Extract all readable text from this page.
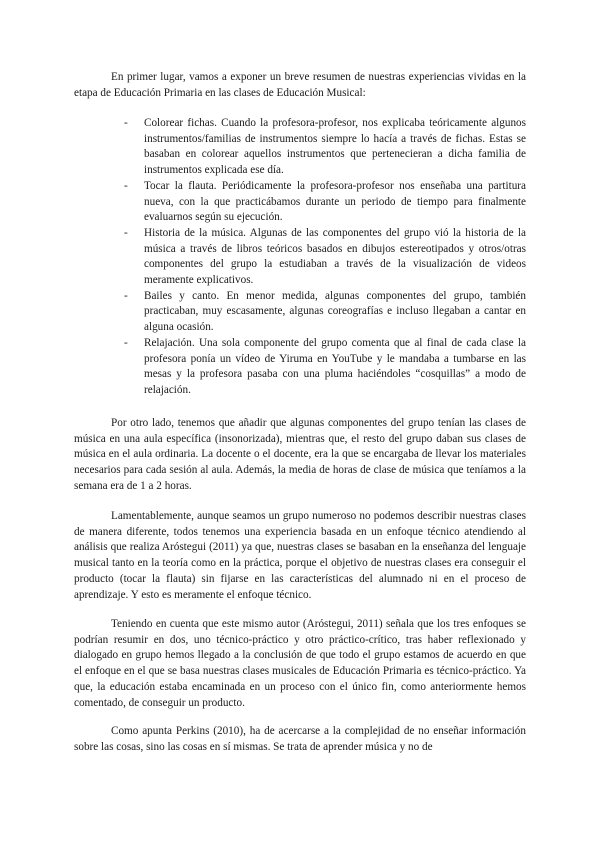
En primer lugar, vamos a exponer un breve resumen de nuestras experiencias vividas en la etapa de Educación Primaria en las clases de Educación Musical:

- Colorear fichas. Cuando la profesora-profesor, nos explicaba teóricamente algunos instrumentos/familias de instrumentos siempre lo hacía a través de fichas. Estas se basaban en colorear aquellos instrumentos que pertenecieran a dicha familia de instrumentos explicada ese día.
- Tocar la flauta. Periódicamente la profesora-profesor nos enseñaba una partitura nueva, con la que practicábamos durante un periodo de tiempo para finalmente evaluarnos según su ejecución.
- Historia de la música. Algunas de las componentes del grupo vió la historia de la música a través de libros teóricos basados en dibujos estereotipados y otros/otras componentes del grupo la estudiaban a través de la visualización de videos meramente explicativos.
- Bailes y canto. En menor medida, algunas componentes del grupo, también practicaban, muy escasamente, algunas coreografías e incluso llegaban a cantar en alguna ocasión.
- Relajación. Una sola componente del grupo comenta que al final de cada clase la profesora ponía un vídeo de Yiruma en YouTube y le mandaba a tumbarse en las mesas y la profesora pasaba con una pluma haciéndoles “cosquillas” a modo de relajación.

Por otro lado, tenemos que añadir que algunas componentes del grupo tenían las clases de música en una aula específica (insonorizada), mientras que, el resto del grupo daban sus clases de música en el aula ordinaria. La docente o el docente, era la que se encargaba de llevar los materiales necesarios para cada sesión al aula. Además, la media de horas de clase de música que teníamos a la semana era de 1 a 2 horas.

Lamentablemente, aunque seamos un grupo numeroso no podemos describir nuestras clases de manera diferente, todos tenemos una experiencia basada en un enfoque técnico atendiendo al análisis que realiza Aróstegui (2011) ya que, nuestras clases se basaban en la enseñanza del lenguaje musical tanto en la teoría como en la práctica, porque el objetivo de nuestras clases era conseguir el producto (tocar la flauta) sin fijarse en las características del alumnado ni en el proceso de aprendizaje. Y esto es meramente el enfoque técnico.

Teniendo en cuenta que este mismo autor (Aróstegui, 2011) señala que los tres enfoques se podrían resumir en dos, uno técnico-práctico y otro práctico-crítico, tras haber reflexionado y dialogado en grupo hemos llegado a la conclusión de que todo el grupo estamos de acuerdo en que el enfoque en el que se basa nuestras clases musicales de Educación Primaria es técnico-práctico. Ya que, la educación estaba encaminada en un proceso con el único fin, como anteriormente hemos comentado, de conseguir un producto.

Como apunta Perkins (2010), ha de acercarse a la complejidad de no enseñar información sobre las cosas, sino las cosas en sí mismas. Se trata de aprender música y no de
